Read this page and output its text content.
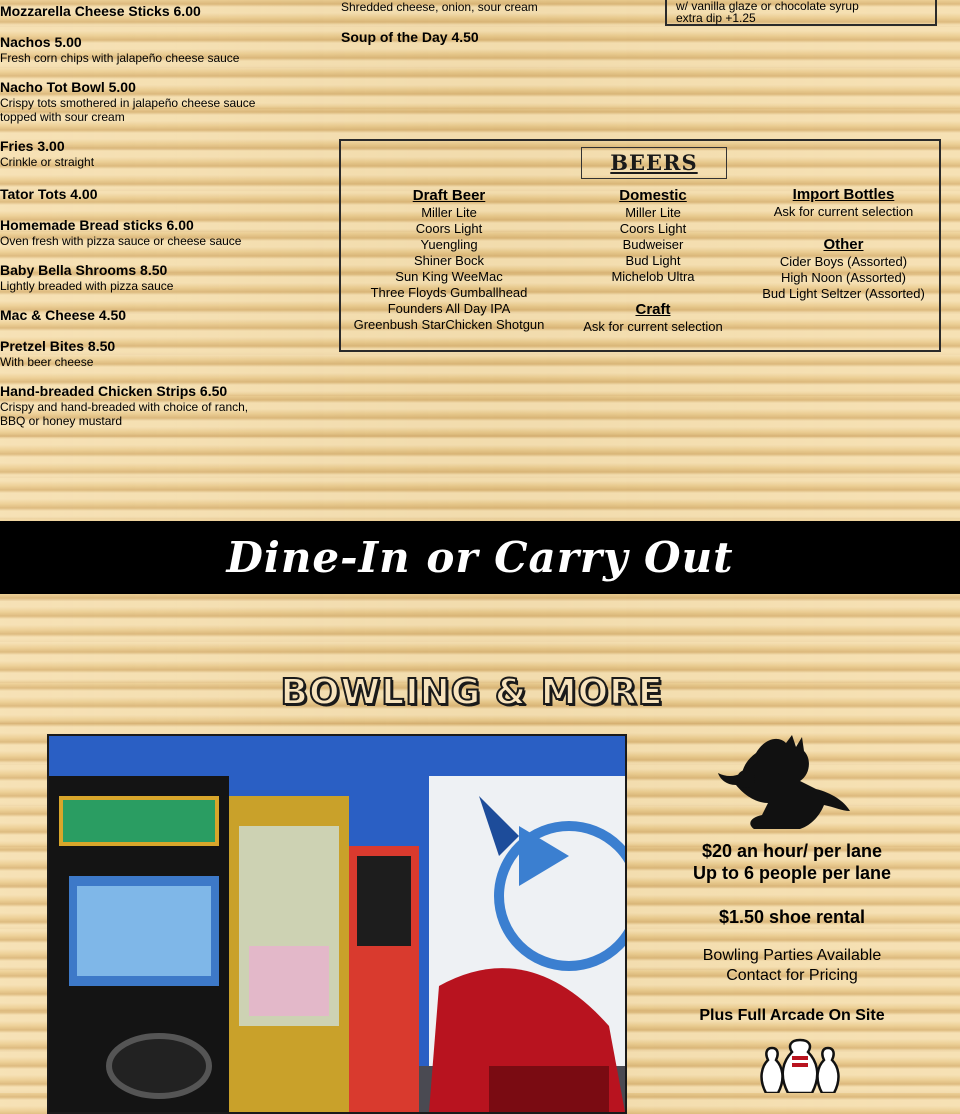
Mozzarella Cheese Sticks 6.00

Nachos 5.00

Fresh corn chips with jalapeño cheese sauce

Nacho Tot Bowl 5.00

Crispy tots smothered in jalapeño cheese sauce

topped with sour cream

Fries 3.00

Crinkle or straight

Tator Tots 4.00

Homemade Bread sticks 6.00

Oven fresh with pizza sauce or cheese sauce

Baby Bella Shrooms 8.50

Lightly breaded with pizza sauce

Mac & Cheese 4.50

Pretzel Bites 8.50

With beer cheese

Hand-breaded Chicken Strips 6.50

Crispy and hand-breaded with choice of ranch,

BBQ or honey mustard

Shredded cheese, onion, sour cream
Soup of the Day 4.50
w/ vanilla glaze or chocolate syrup
extra dip +1.25
BEERS
Draft Beer
Miller Lite
Coors Light
Yuengling
Shiner Bock
Sun King WeeMac
Three Floyds Gumballhead
Founders All Day IPA
Greenbush StarChicken Shotgun
Domestic
Miller Lite
Coors Light
Budweiser
Bud Light
Michelob Ultra
Craft
Ask for current selection
Import Bottles
Ask for current selection
Other
Cider Boys (Assorted)
High Noon (Assorted)
Bud Light Seltzer (Assorted)
Dine-In or Carry Out
BOWLING & MORE

$20 an hour/ per lane

Up to 6 people per lane

$1.50 shoe rental

Bowling Parties Available

Contact for Pricing

Plus Full Arcade On Site
